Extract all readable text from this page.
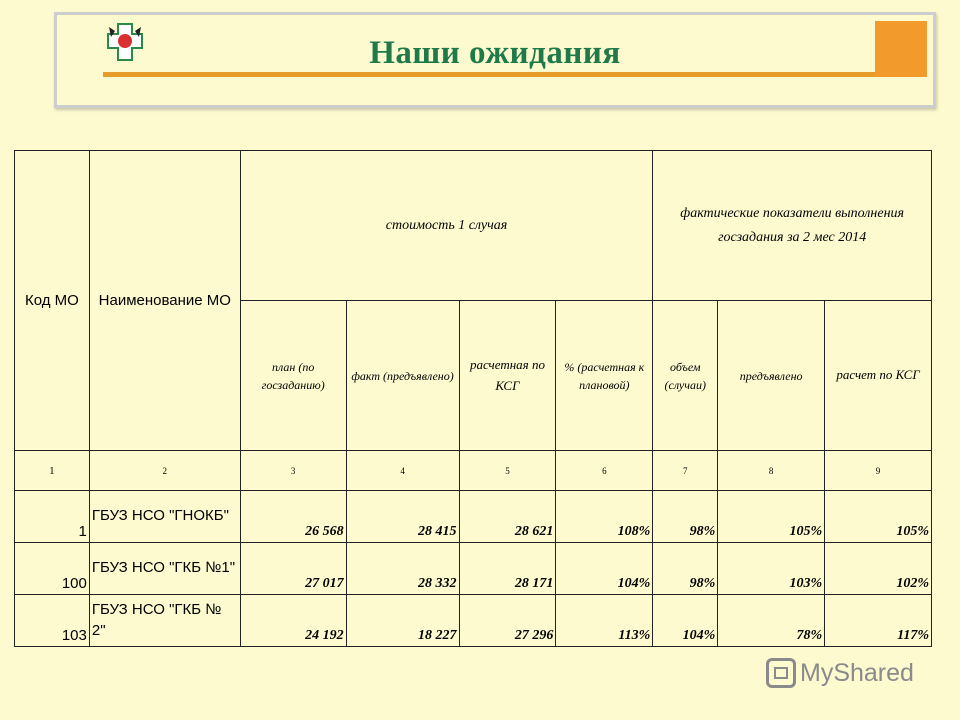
Наши ожидания
Код МО	Наименование МО	стоимость 1 случая				фактические показатели выполнения госзадания за 2 мес 2014		
		план (по госзаданию)	факт (предъявлено)	расчетная по КСГ	% (расчетная к плановой)	объем (случаи)	предъявлено	расчет по КСГ
1	2	3	4	5	6	7	8	9
1	ГБУЗ НСО "ГНОКБ"	26 568	28 415	28 621	108%	98%	105%	105%
100	ГБУЗ НСО "ГКБ №1"	27 017	28 332	28 171	104%	98%	103%	102%
103	ГБУЗ НСО "ГКБ № 2"	24 192	18 227	27 296	113%	104%	78%	117%
MyShared
